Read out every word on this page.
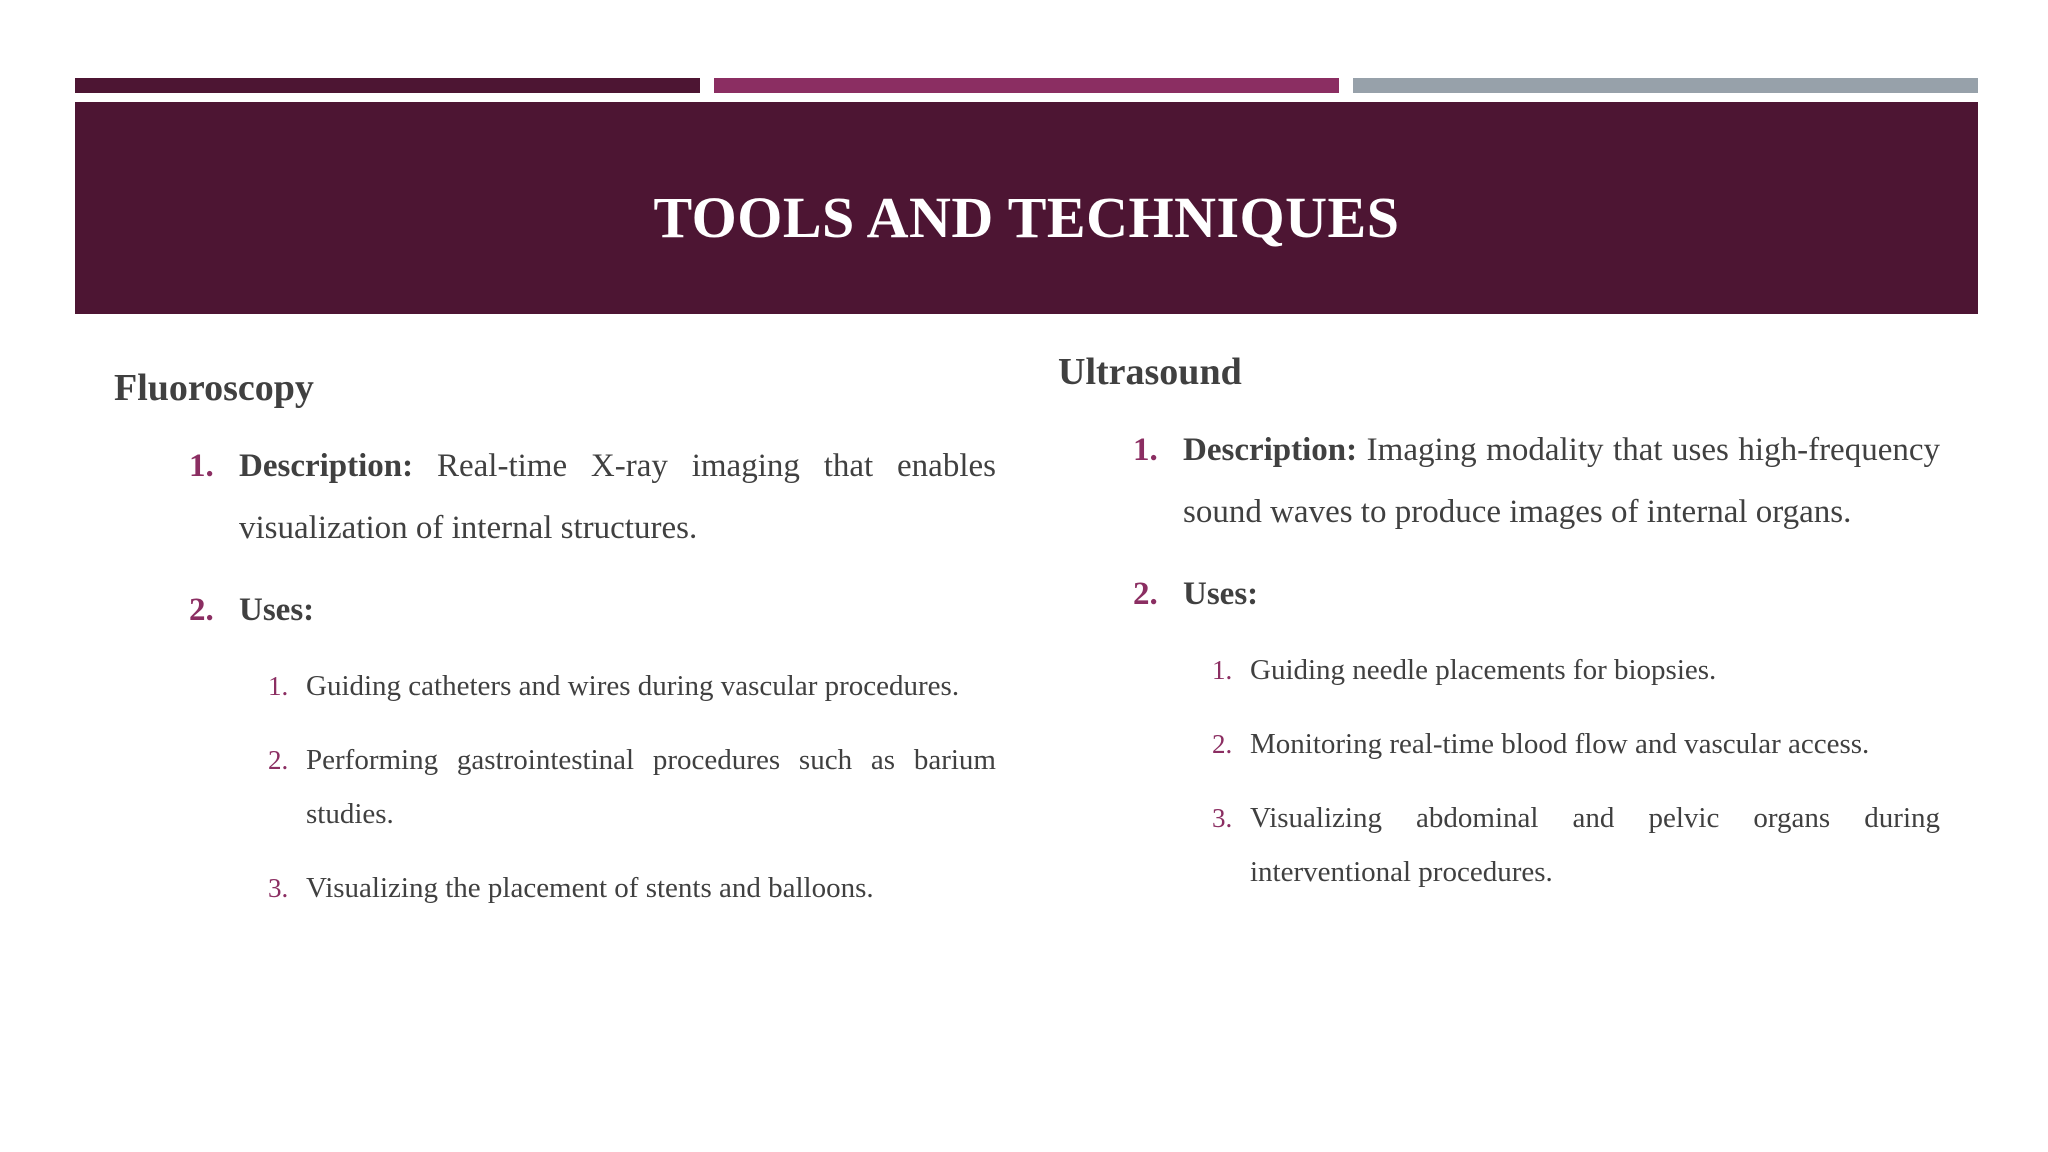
TOOLS AND TECHNIQUES
Fluoroscopy
1. Description: Real-time X-ray imaging that enables visualization of internal structures.

2. Uses:

1. Guiding catheters and wires during vascular procedures.

2. Performing gastrointestinal procedures such as barium studies.

3. Visualizing the placement of stents and balloons.

Ultrasound
1. Description: Imaging modality that uses high-frequency sound waves to produce images of internal organs.

2. Uses:

1. Guiding needle placements for biopsies.

2. Monitoring real-time blood flow and vascular access.

3. Visualizing abdominal and pelvic organs during interventional procedures.
